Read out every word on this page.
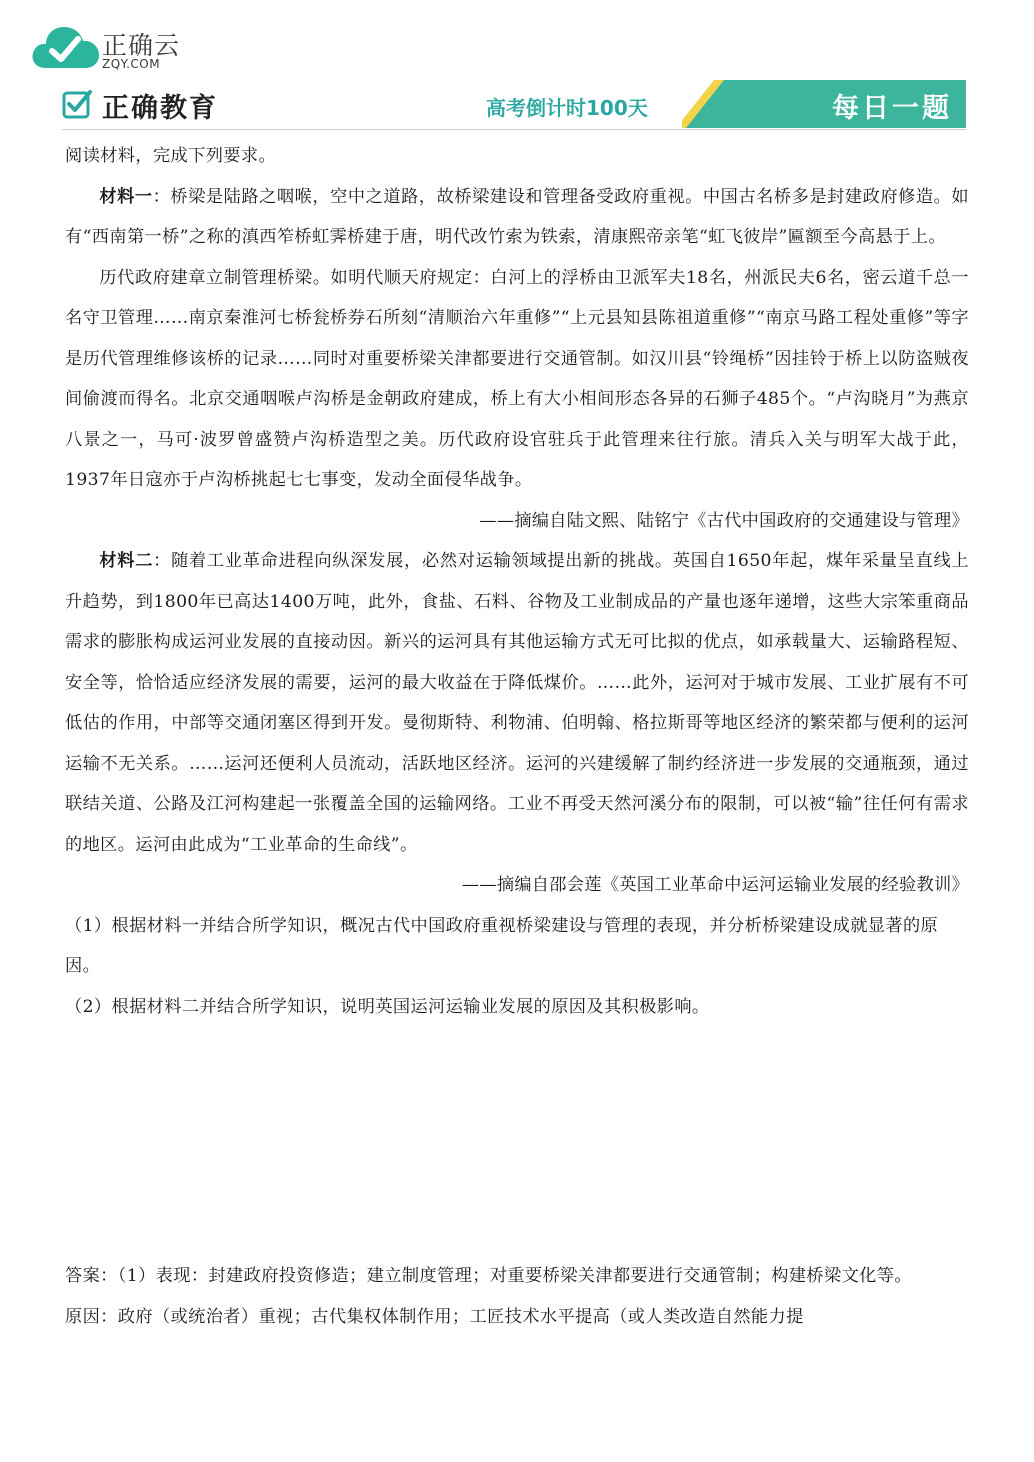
正确云
ZQY.COM
正确教育	高考倒计时100天	每日一题

阅读材料，完成下列要求。

材料一：桥梁是陆路之咽喉，空中之道路，故桥梁建设和管理备受政府重视。中国古名桥多是封建政府修造。如有“西南第一桥”之称的滇西笮桥虹霁桥建于唐，明代改竹索为铁索，清康熙帝亲笔“虹飞彼岸”匾额至今高悬于上。

历代政府建章立制管理桥梁。如明代顺天府规定：白河上的浮桥由卫派军夫18名，州派民夫6名，密云道千总一名守卫管理……南京秦淮河七桥瓮桥券石所刻“清顺治六年重修”“上元县知县陈祖道重修”“南京马路工程处重修”等字是历代管理维修该桥的记录……同时对重要桥梁关津都要进行交通管制。如汉川县“铃绳桥”因挂铃于桥上以防盗贼夜间偷渡而得名。北京交通咽喉卢沟桥是金朝政府建成，桥上有大小相间形态各异的石狮子485个。“卢沟晓月”为燕京八景之一，马可·波罗曾盛赞卢沟桥造型之美。历代政府设官驻兵于此管理来往行旅。清兵入关与明军大战于此，1937年日寇亦于卢沟桥挑起七七事变，发动全面侵华战争。

——摘编自陆文熙、陆铭宁《古代中国政府的交通建设与管理》

材料二：随着工业革命进程向纵深发展，必然对运输领域提出新的挑战。英国自1650年起，煤年采量呈直线上升趋势，到1800年已高达1400万吨，此外，食盐、石料、谷物及工业制成品的产量也逐年递增，这些大宗笨重商品需求的膨胀构成运河业发展的直接动因。新兴的运河具有其他运输方式无可比拟的优点，如承载量大、运输路程短、安全等，恰恰适应经济发展的需要，运河的最大收益在于降低煤价。……此外，运河对于城市发展、工业扩展有不可低估的作用，中部等交通闭塞区得到开发。曼彻斯特、利物浦、伯明翰、格拉斯哥等地区经济的繁荣都与便利的运河运输不无关系。……运河还便利人员流动，活跃地区经济。运河的兴建缓解了制约经济进一步发展的交通瓶颈，通过联结关道、公路及江河构建起一张覆盖全国的运输网络。工业不再受天然河溪分布的限制，可以被“输”往任何有需求的地区。运河由此成为“工业革命的生命线”。

——摘编自邵会莲《英国工业革命中运河运输业发展的经验教训》

（1）根据材料一并结合所学知识，概况古代中国政府重视桥梁建设与管理的表现，并分析桥梁建设成就显著的原因。

（2）根据材料二并结合所学知识，说明英国运河运输业发展的原因及其积极影响。

答案：（1）表现：封建政府投资修造；建立制度管理；对重要桥梁关津都要进行交通管制；构建桥梁文化等。

原因：政府（或统治者）重视；古代集权体制作用；工匠技术水平提高（或人类改造自然能力提
